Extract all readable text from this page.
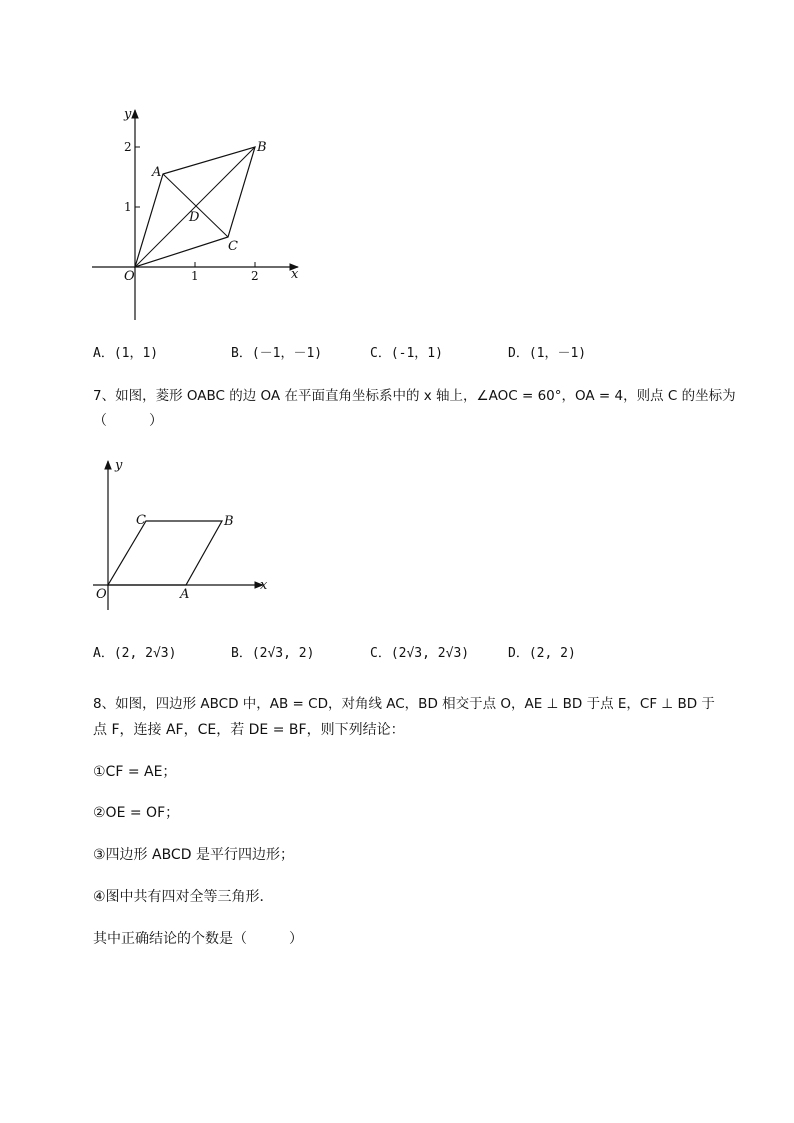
y
x
1	2
1
2
O
A
B
C
D
A．(1，1)	B．(－1，－1)	C．(-1，1)	D．(1，－1)
7、如图，菱形 OABC 的边 OA 在平面直角坐标系中的 x 轴上，∠AOC = 60°，OA = 4，则点 C 的坐标为
（　　　）
y
x
O	A
B
C
A．(2, 2√3)	B．(2√3, 2)	C．(2√3, 2√3)	D．(2, 2)
8、如图，四边形 ABCD 中，AB = CD，对角线 AC，BD 相交于点 O，AE ⊥ BD 于点 E，CF ⊥ BD 于
点 F，连接 AF，CE，若 DE = BF，则下列结论：
①CF = AE；
②OE = OF；
③四边形 ABCD 是平行四边形；
④图中共有四对全等三角形．
其中正确结论的个数是（　　　）
